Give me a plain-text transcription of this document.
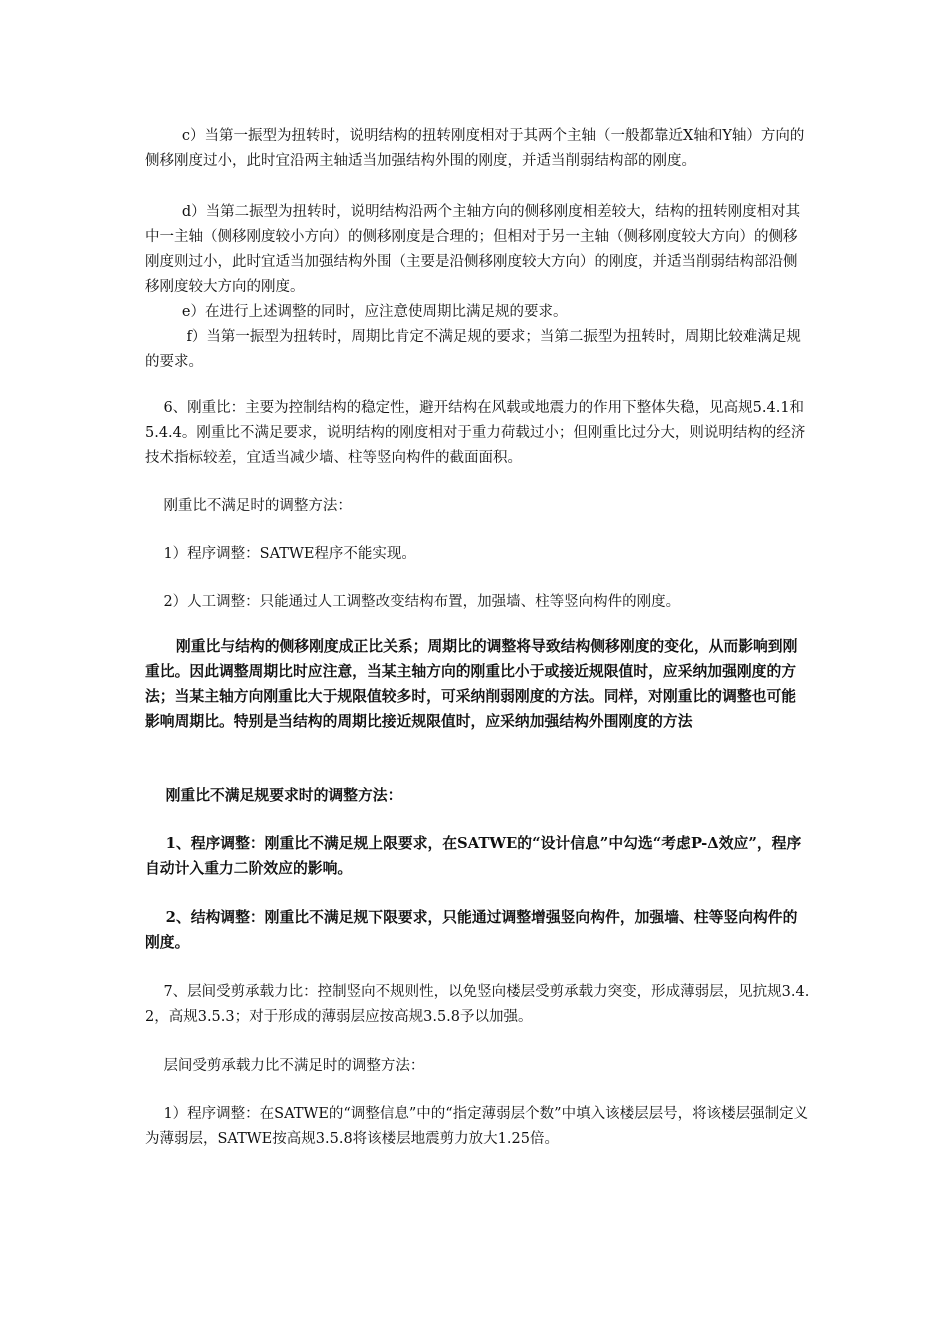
c）当第一振型为扭转时，说明结构的扭转刚度相对于其两个主轴（一般都靠近X轴和Y轴）方向的侧移刚度过小，此时宜沿两主轴适当加强结构外围的刚度，并适当削弱结构部的刚度。
d）当第二振型为扭转时，说明结构沿两个主轴方向的侧移刚度相差较大，结构的扭转刚度相对其中一主轴（侧移刚度较小方向）的侧移刚度是合理的；但相对于另一主轴（侧移刚度较大方向）的侧移刚度则过小，此时宜适当加强结构外围（主要是沿侧移刚度较大方向）的刚度，并适当削弱结构部沿侧移刚度较大方向的刚度。
e）在进行上述调整的同时，应注意使周期比满足规的要求。
f）当第一振型为扭转时，周期比肯定不满足规的要求；当第二振型为扭转时，周期比较难满足规的要求。
6、刚重比：主要为控制结构的稳定性，避开结构在风载或地震力的作用下整体失稳，见高规5.4.1和5.4.4。刚重比不满足要求，说明结构的刚度相对于重力荷载过小；但刚重比过分大，则说明结构的经济技术指标较差，宜适当减少墙、柱等竖向构件的截面面积。
刚重比不满足时的调整方法：
1）程序调整：SATWE程序不能实现。
2）人工调整：只能通过人工调整改变结构布置，加强墙、柱等竖向构件的刚度。
刚重比与结构的侧移刚度成正比关系；周期比的调整将导致结构侧移刚度的变化，从而影响到刚重比。因此调整周期比时应注意，当某主轴方向的刚重比小于或接近规限值时，应采纳加强刚度的方法；当某主轴方向刚重比大于规限值较多时，可采纳削弱刚度的方法。同样，对刚重比的调整也可能影响周期比。特别是当结构的周期比接近规限值时，应采纳加强结构外围刚度的方法
刚重比不满足规要求时的调整方法：
1、程序调整：刚重比不满足规上限要求，在SATWE的“设计信息”中勾选“考虑P-Δ效应”，程序自动计入重力二阶效应的影响。
2、结构调整：刚重比不满足规下限要求，只能通过调整增强竖向构件，加强墙、柱等竖向构件的刚度。
7、层间受剪承载力比：控制竖向不规则性，以免竖向楼层受剪承载力突变，形成薄弱层，见抗规3.4.2，高规3.5.3；对于形成的薄弱层应按高规3.5.8予以加强。
层间受剪承载力比不满足时的调整方法：
1）程序调整：在SATWE的“调整信息”中的“指定薄弱层个数”中填入该楼层层号，将该楼层强制定义为薄弱层，SATWE按高规3.5.8将该楼层地震剪力放大1.25倍。
